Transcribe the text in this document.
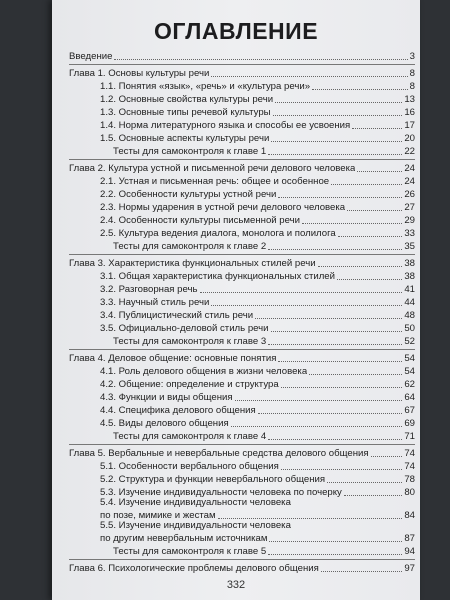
ОГЛАВЛЕНИЕ
Введение	3
Глава 1. Основы культуры речи	8
1.1. Понятия «язык», «речь» и «культура речи»	8
1.2. Основные свойства культуры речи	13
1.3. Основные типы речевой культуры	16
1.4. Норма литературного языка и способы ее усвоения	17
1.5. Основные аспекты культуры речи	20
Тесты для самоконтроля к главе 1	22
Глава 2. Культура устной и письменной речи делового человека	24
2.1. Устная и письменная речь: общее и особенное	24
2.2. Особенности культуры устной речи	26
2.3. Нормы ударения в устной речи делового человека	27
2.4. Особенности культуры письменной речи	29
2.5. Культура ведения диалога, монолога и полилога	33
Тесты для самоконтроля к главе 2	35
Глава 3. Характеристика функциональных стилей речи	38
3.1. Общая характеристика функциональных стилей	38
3.2. Разговорная речь	41
3.3. Научный стиль речи	44
3.4. Публицистический стиль речи	48
3.5. Официально-деловой стиль речи	50
Тесты для самоконтроля к главе 3	52
Глава 4. Деловое общение: основные понятия	54
4.1. Роль делового общения в жизни человека	54
4.2. Общение: определение и структура	62
4.3. Функции и виды общения	64
4.4. Специфика делового общения	67
4.5. Виды делового общения	69
Тесты для самоконтроля к главе 4	71
Глава 5. Вербальные и невербальные средства делового общения	74
5.1. Особенности вербального общения	74
5.2. Структура и функции невербального общения	78
5.3. Изучение индивидуальности человека по почерку	80
5.4. Изучение индивидуальности человека
по позе, мимике и жестам	84
5.5. Изучение индивидуальности человека
по другим невербальным источникам	87
Тесты для самоконтроля к главе 5	94
Глава 6. Психологические проблемы делового общения	97
332
